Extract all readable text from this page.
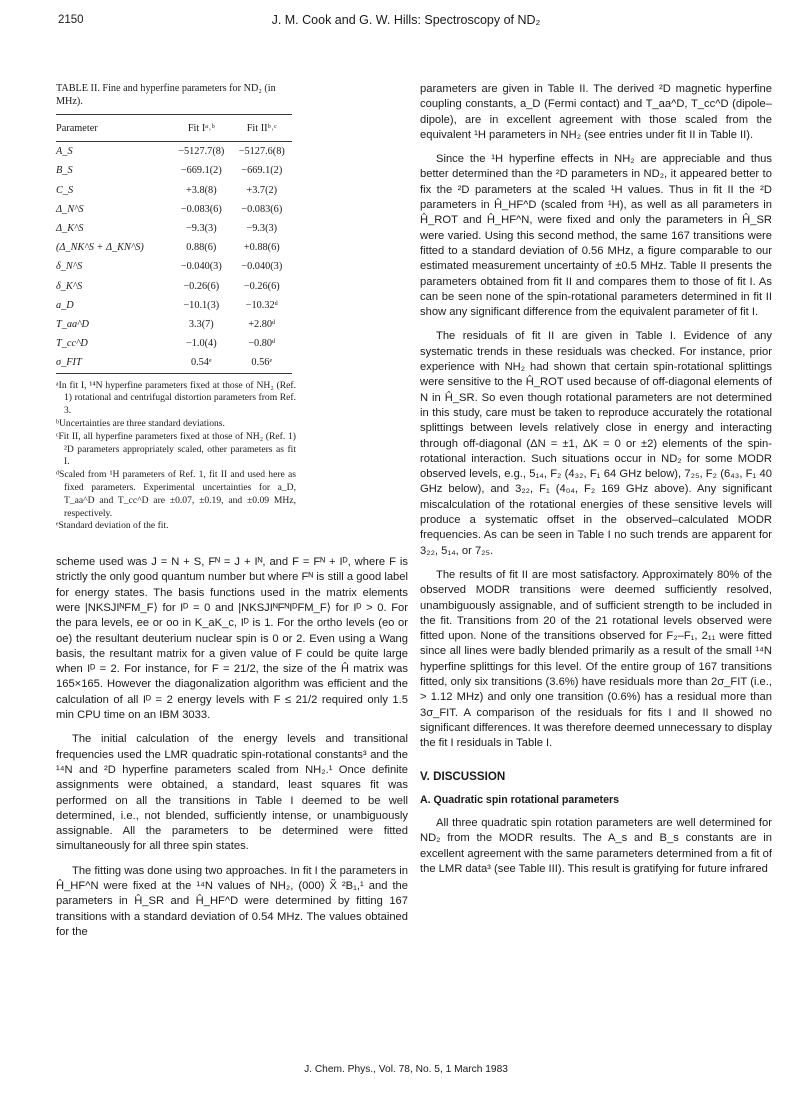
2150	J. M. Cook and G. W. Hills: Spectroscopy of ND₂
TABLE II. Fine and hyperfine parameters for ND₂ (in MHz).
Parameter	Fit Iᵃ˒ᵇ	Fit IIᵇ˒ᶜ
A_S	−5127.7(8)	−5127.6(8)
B_S	−669.1(2)	−669.1(2)
C_S	+3.8(8)	+3.7(2)
Δ_N^S	−0.083(6)	−0.083(6)
Δ_K^S	−9.3(3)	−9.3(3)
(Δ_NK^S + Δ_KN^S)	0.88(6)	+0.88(6)
δ_N^S	−0.040(3)	−0.040(3)
δ_K^S	−0.26(6)	−0.26(6)
a_D	−10.1(3)	−10.32ᵈ
T_aa^D	3.3(7)	+2.80ᵈ
T_cc^D	−1.0(4)	−0.80ᵈ
σ_FIT	0.54ᵉ	0.56ᵉ

ᵃIn fit I, ¹⁴N hyperfine parameters fixed at those of NH₂ (Ref. 1) rotational and centrifugal distortion parameters from Ref. 3.

ᵇUncertainties are three standard deviations.

ᶜFit II, all hyperfine parameters fixed at those of NH₂ (Ref. 1) ²D parameters appropriately scaled, other parameters as fit I.

ᵈScaled from ¹H parameters of Ref. 1, fit II and used here as fixed parameters. Experimental uncertainties for a_D, T_aa^D and T_cc^D are ±0.07, ±0.19, and ±0.09 MHz, respectively.

ᵉStandard deviation of the fit.

scheme used was J = N + S, Fᴺ = J + Iᴺ, and F = Fᴺ + Iᴰ, where F is strictly the only good quantum number but where Fᴺ is still a good label for energy states. The basis functions used in the matrix elements were |NKSJIᴺFM_F⟩ for Iᴰ = 0 and |NKSJIᴺFᴺIᴰFM_F⟩ for Iᴰ > 0. For the para levels, ee or oo in K_aK_c, Iᴰ is 1. For the ortho levels (eo or oe) the resultant deuterium nuclear spin is 0 or 2. Even using a Wang basis, the resultant matrix for a given value of F could be quite large when Iᴰ = 2. For instance, for F = 21/2, the size of the Ĥ matrix was 165×165. However the diagonalization algorithm was efficient and the calculation of all Iᴰ = 2 energy levels with F ≤ 21/2 required only 1.5 min CPU time on an IBM 3033.

The initial calculation of the energy levels and transitional frequencies used the LMR quadratic spin-rotational constants³ and the ¹⁴N and ²D hyperfine parameters scaled from NH₂.¹ Once definite assignments were obtained, a standard, least squares fit was performed on all the transitions in Table I deemed to be well determined, i.e., not blended, sufficiently intense, or unambiguously assignable. All the parameters to be determined were fitted simultaneously for all three spin states.

The fitting was done using two approaches. In fit I the parameters in Ĥ_HF^N were fixed at the ¹⁴N values of NH₂, (000) X̃ ²B₁,¹ and the parameters in Ĥ_SR and Ĥ_HF^D were determined by fitting 167 transitions with a standard deviation of 0.54 MHz. The values obtained for the

parameters are given in Table II. The derived ²D magnetic hyperfine coupling constants, a_D (Fermi contact) and T_aa^D, T_cc^D (dipole–dipole), are in excellent agreement with those scaled from the equivalent ¹H parameters in NH₂ (see entries under fit II in Table II).

Since the ¹H hyperfine effects in NH₂ are appreciable and thus better determined than the ²D parameters in ND₂, it appeared better to fix the ²D parameters at the scaled ¹H values. Thus in fit II the ²D parameters in Ĥ_HF^D (scaled from ¹H), as well as all parameters in Ĥ_ROT and Ĥ_HF^N, were fixed and only the parameters in Ĥ_SR were varied. Using this second method, the same 167 transitions were fitted to a standard deviation of 0.56 MHz, a figure comparable to our estimated measurement uncertainty of ±0.5 MHz. Table II presents the parameters obtained from fit II and compares them to those of fit I. As can be seen none of the spin-rotational parameters determined in fit II show any significant difference from the equivalent parameter of fit I.

The residuals of fit II are given in Table I. Evidence of any systematic trends in these residuals was checked. For instance, prior experience with NH₂ had shown that certain spin-rotational splittings were sensitive to the Ĥ_ROT used because of off-diagonal elements of N in Ĥ_SR. So even though rotational parameters are not determined in this study, care must be taken to reproduce accurately the rotational splittings between levels relatively close in energy and interacting through off-diagonal (ΔN = ±1, ΔK = 0 or ±2) elements of the spin-rotational interaction. Such situations occur in ND₂ for some MODR observed levels, e.g., 5₁₄, F₂ (4₃₂, F₁ 64 GHz below), 7₂₅, F₂ (6₄₃, F₁ 40 GHz below), and 3₂₂, F₁ (4₀₄, F₂ 169 GHz above). Any significant miscalculation of the rotational energies of these sensitive levels will produce a systematic offset in the observed–calculated MODR frequencies. As can be seen in Table I no such trends are apparent for 3₂₂, 5₁₄, or 7₂₅.

The results of fit II are most satisfactory. Approximately 80% of the observed MODR transitions were deemed sufficiently resolved, unambiguously assignable, and of sufficient strength to be included in the fit. Transitions from 20 of the 21 rotational levels observed were fitted upon. None of the transitions observed for F₂–F₁, 2₁₁ were fitted since all lines were badly blended primarily as a result of the small ¹⁴N hyperfine splittings for this level. Of the entire group of 167 transitions fitted, only six transitions (3.6%) have residuals more than 2σ_FIT (i.e., > 1.12 MHz) and only one transition (0.6%) has a residual more than 3σ_FIT. A comparison of the residuals for fits I and II showed no significant differences. It was therefore deemed unnecessary to display the fit I residuals in Table I.

V. DISCUSSION
A. Quadratic spin rotational parameters

All three quadratic spin rotation parameters are well determined for ND₂ from the MODR results. The A_s and B_s constants are in excellent agreement with the same parameters determined from a fit of the LMR data³ (see Table III). This result is gratifying for future infrared

J. Chem. Phys., Vol. 78, No. 5, 1 March 1983
